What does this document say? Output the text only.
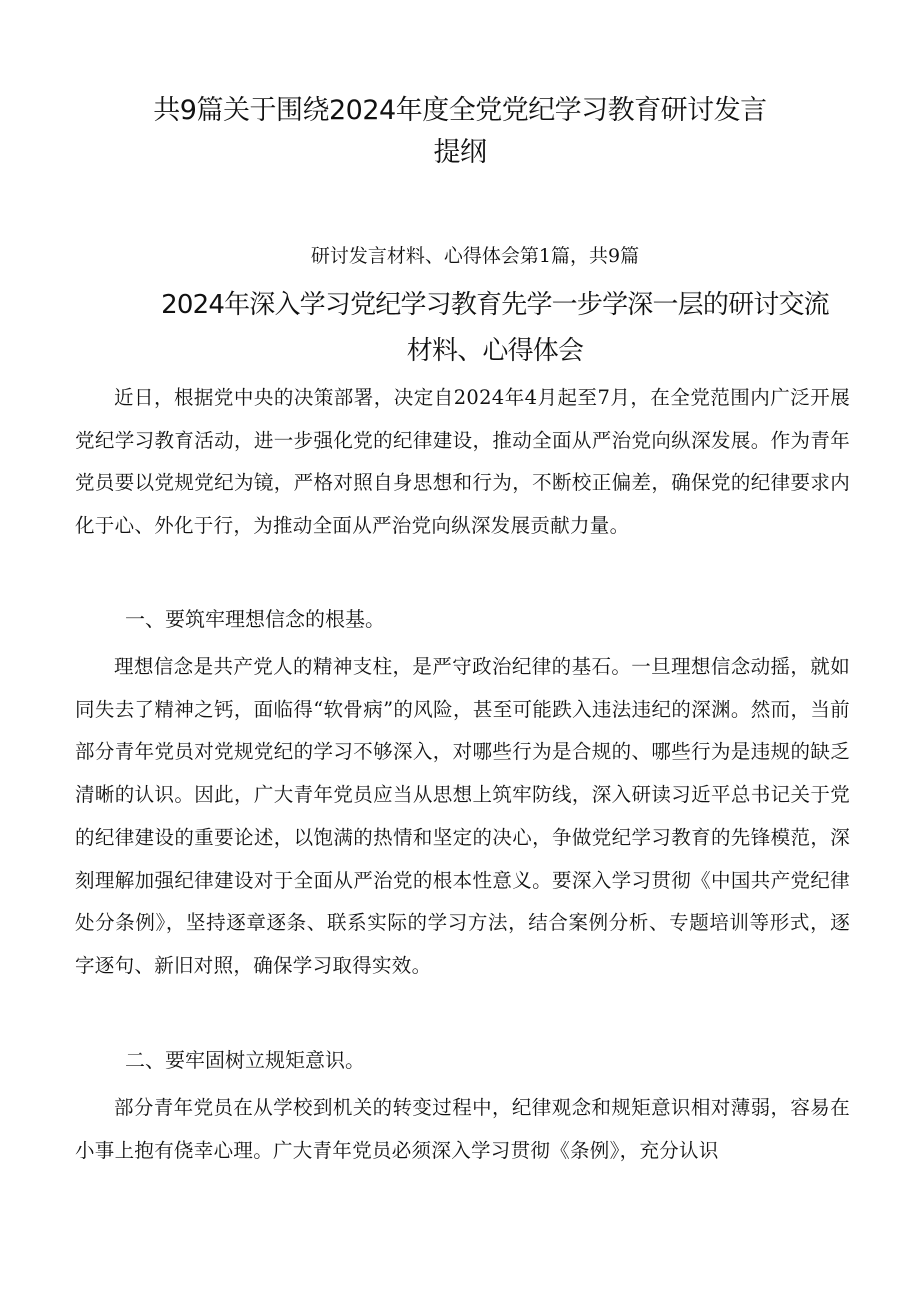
共9篇关于围绕2024年度全党党纪学习教育研讨发言
提纲

研讨发言材料、心得体会第1篇，共9篇

2024年深入学习党纪学习教育先学一步学深一层的研讨交流
材料、心得体会

近日，根据党中央的决策部署，决定自2024年4月起至7月，在全党范围内广泛开展党纪学习教育活动，进一步强化党的纪律建设，推动全面从严治党向纵深发展。作为青年党员要以党规党纪为镜，严格对照自身思想和行为，不断校正偏差，确保党的纪律要求内化于心、外化于行，为推动全面从严治党向纵深发展贡献力量。

一、要筑牢理想信念的根基。

理想信念是共产党人的精神支柱，是严守政治纪律的基石。一旦理想信念动摇，就如同失去了精神之钙，面临得“软骨病”的风险，甚至可能跌入违法违纪的深渊。然而，当前部分青年党员对党规党纪的学习不够深入，对哪些行为是合规的、哪些行为是违规的缺乏清晰的认识。因此，广大青年党员应当从思想上筑牢防线，深入研读习近平总书记关于党的纪律建设的重要论述，以饱满的热情和坚定的决心，争做党纪学习教育的先锋模范，深刻理解加强纪律建设对于全面从严治党的根本性意义。要深入学习贯彻《中国共产党纪律处分条例》，坚持逐章逐条、联系实际的学习方法，结合案例分析、专题培训等形式，逐字逐句、新旧对照，确保学习取得实效。

二、要牢固树立规矩意识。

部分青年党员在从学校到机关的转变过程中，纪律观念和规矩意识相对薄弱，容易在小事上抱有侥幸心理。广大青年党员必须深入学习贯彻《条例》，充分认识
